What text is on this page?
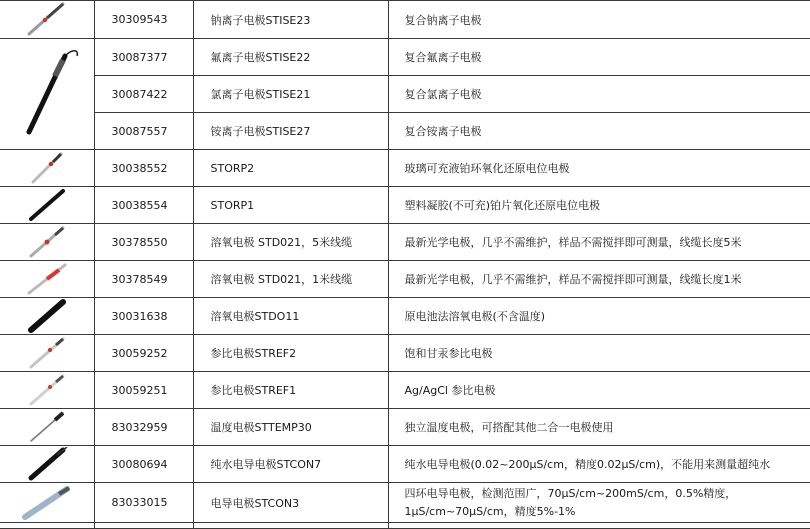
	30309543	钠离子电极STISE23	复合钠离子电极

	30087377	氟离子电极STISE22	复合氟离子电极
	30087422	氯离子电极STISE21	复合氯离子电极
	30087557	铵离子电极STISE27	复合铵离子电极

	30038552	STORP2	玻璃可充液铂环氧化还原电位电极

	30038554	STORP1	塑料凝胶(不可充)铂片氧化还原电位电极

	30378550	溶氧电极 STD021，5米线缆	最新光学电极，几乎不需维护，样品不需搅拌即可测量，线缆长度5米

	30378549	溶氧电极 STD021，1米线缆	最新光学电极，几乎不需维护，样品不需搅拌即可测量，线缆长度1米

	30031638	溶氧电极STDO11	原电池法溶氧电极(不含温度)

	30059252	参比电极STREF2	饱和甘汞参比电极

	30059251	参比电极STREF1	Ag/AgCl 参比电极

	83032959	温度电极STTEMP30	独立温度电极，可搭配其他二合一电极使用

	30080694	纯水电导电极STCON7	纯水电导电极(0.02~200μS/cm，精度0.02μS/cm)，不能用来测量超纯水

	83033015	电导电极STCON3	四环电导电极，检测范围广，70μS/cm~200mS/cm，0.5%精度，
1μS/cm~70μS/cm，精度5%-1%
